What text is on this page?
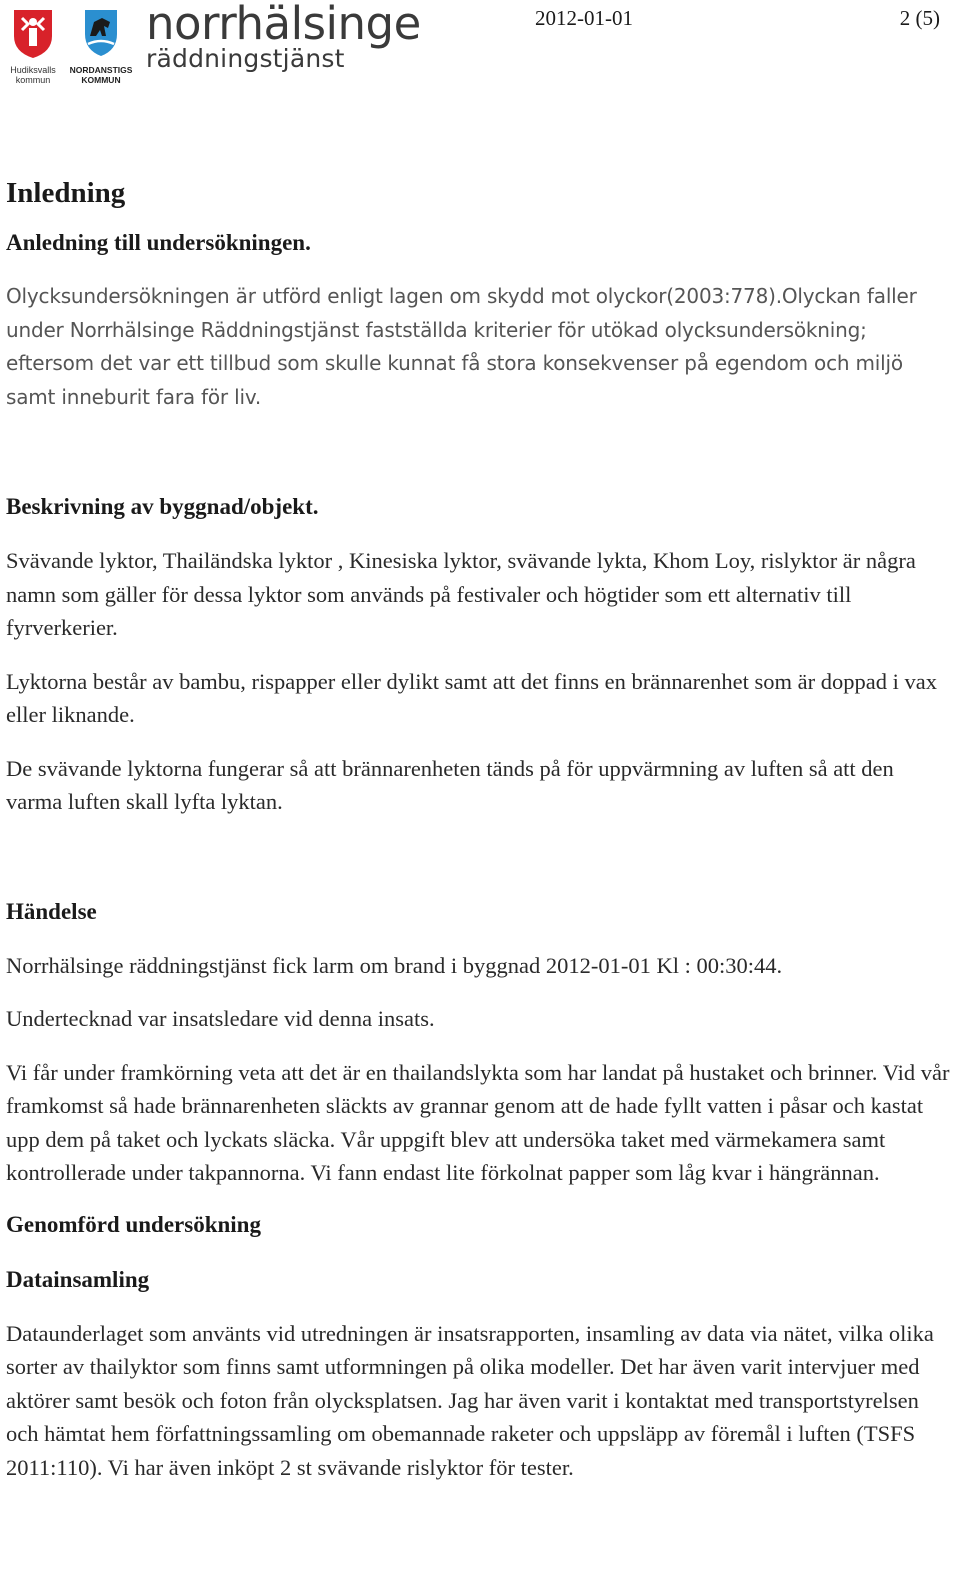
Hudiksvalls kommun
NORDANSTIGS KOMMUN
norrhälsinge
räddningstjänst
2012-01-01	2 (5)
Inledning
Anledning till undersökningen.

Olycksundersökningen är utförd enligt lagen om skydd mot olyckor(2003:778).Olyckan faller under Norrhälsinge Räddningstjänst fastställda kriterier för utökad olycksundersökning; eftersom det var ett tillbud som skulle kunnat få stora konsekvenser på egendom och miljö samt inneburit fara för liv.

Beskrivning av byggnad/objekt.

Svävande lyktor, Thailändska lyktor , Kinesiska lyktor, svävande lykta, Khom Loy, rislyktor är några namn som gäller för dessa lyktor som används på festivaler och högtider som ett alternativ till fyrverkerier.

Lyktorna består av bambu, rispapper eller dylikt samt att det finns en brännarenhet som är doppad i vax eller liknande.

De svävande lyktorna fungerar så att brännarenheten tänds på för uppvärmning av luften så att den varma luften skall lyfta lyktan.

Händelse

Norrhälsinge räddningstjänst fick larm om brand i byggnad 2012-01-01 Kl : 00:30:44.

Undertecknad var insatsledare vid denna insats.

Vi får under framkörning veta att det är en thailandslykta som har landat på hustaket och brinner. Vid vår framkomst så hade brännarenheten släckts av grannar genom att de hade fyllt vatten i påsar och kastat upp dem på taket och lyckats släcka. Vår uppgift blev att undersöka taket med värmekamera samt kontrollerade under takpannorna. Vi fann endast lite förkolnat papper som låg kvar i hängrännan.

Genomförd undersökning
Datainsamling

Dataunderlaget som använts vid utredningen är insatsrapporten, insamling av data via nätet, vilka olika sorter av thailyktor som finns samt utformningen på olika modeller. Det har även varit intervjuer med aktörer samt besök och foton från olycksplatsen. Jag har även varit i kontaktat med transportstyrelsen och hämtat hem författningssamling om obemannade raketer och uppsläpp av föremål i luften (TSFS 2011:110). Vi har även inköpt 2 st svävande rislyktor för tester.
